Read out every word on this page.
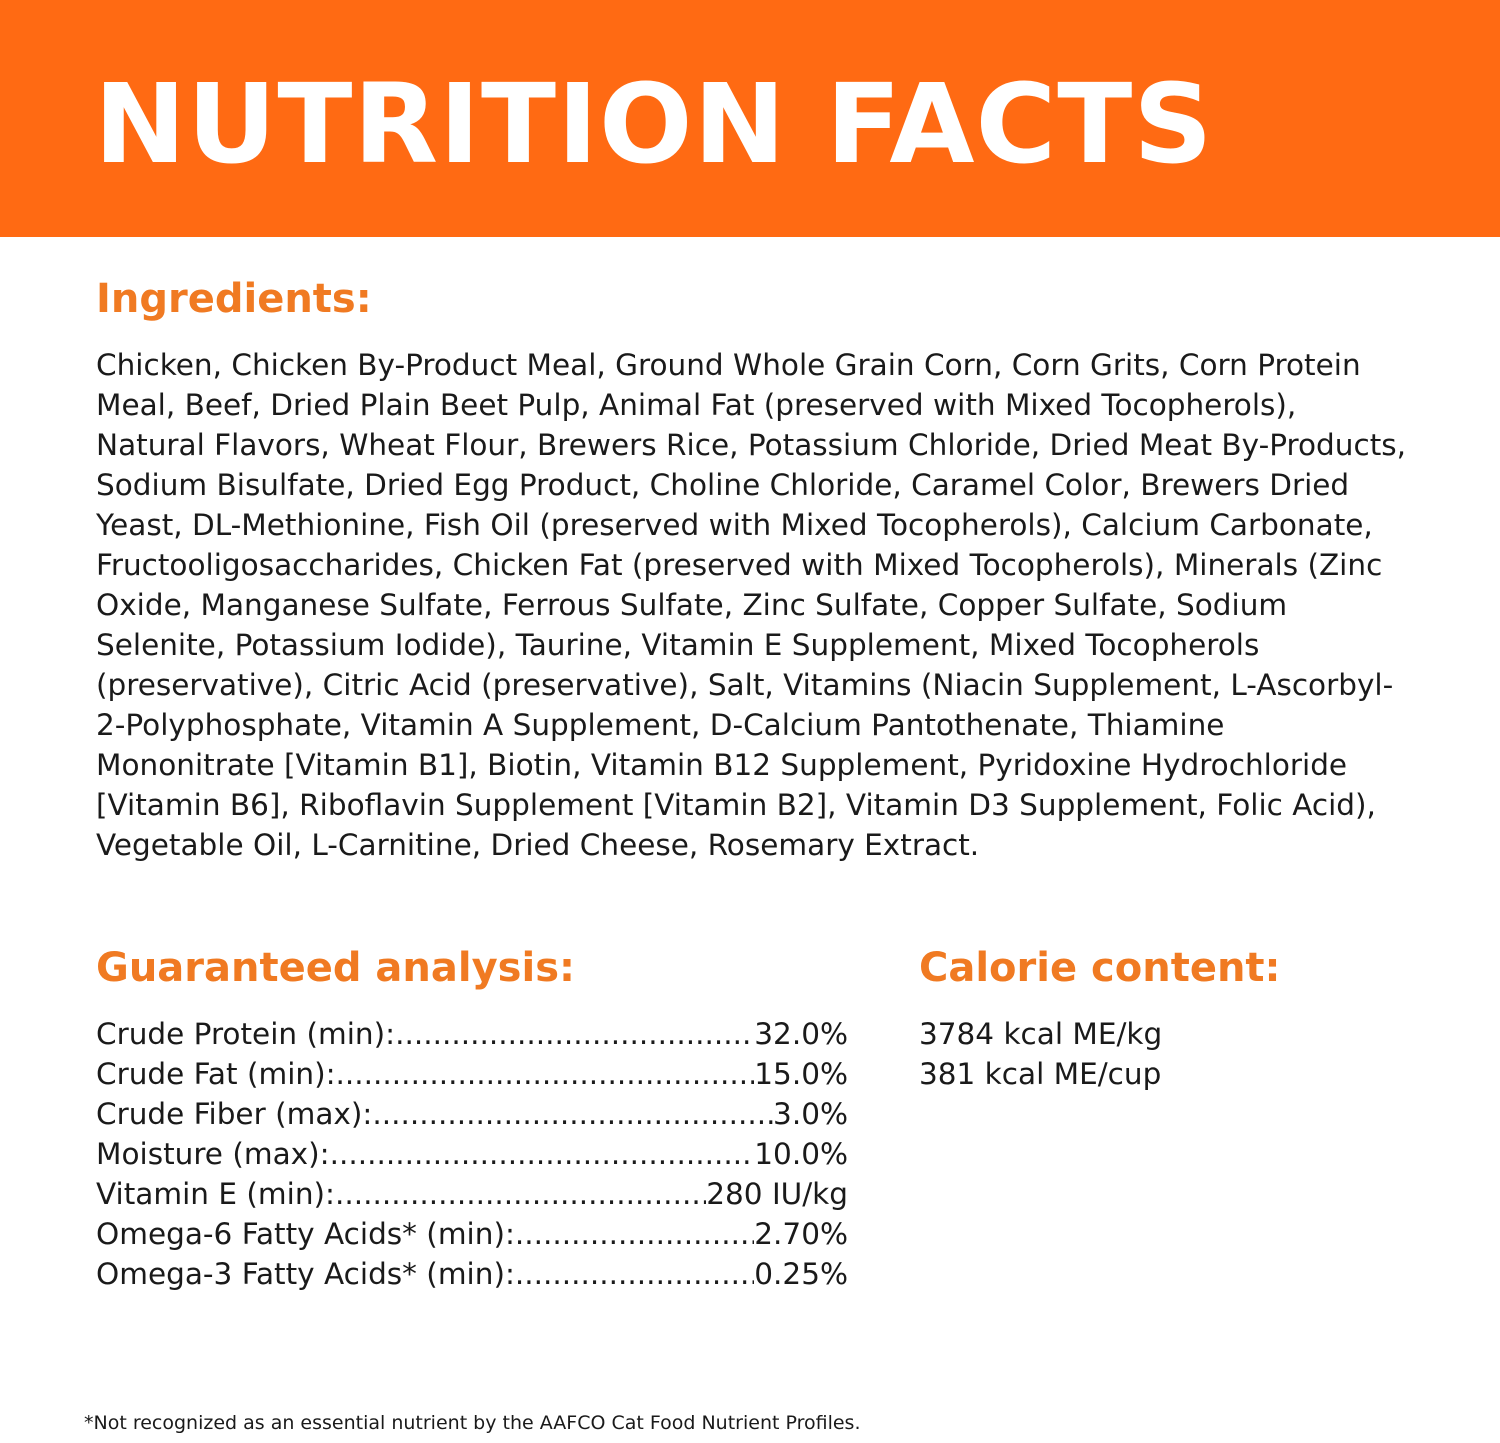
NUTRITION FACTS
Ingredients:

Chicken, Chicken By-Product Meal, Ground Whole Grain Corn, Corn Grits, Corn Protein Meal, Beef, Dried Plain Beet Pulp, Animal Fat (preserved with Mixed Tocopherols), Natural Flavors, Wheat Flour, Brewers Rice, Potassium Chloride, Dried Meat By-Products, Sodium Bisulfate, Dried Egg Product, Choline Chloride, Caramel Color, Brewers Dried Yeast, DL-Methionine, Fish Oil (preserved with Mixed Tocopherols), Calcium Carbonate, Fructooligosaccharides, Chicken Fat (preserved with Mixed Tocopherols), Minerals (Zinc Oxide, Manganese Sulfate, Ferrous Sulfate, Zinc Sulfate, Copper Sulfate, Sodium Selenite, Potassium Iodide), Taurine, Vitamin E Supplement, Mixed Tocopherols (preservative), Citric Acid (preservative), Salt, Vitamins (Niacin Supplement, L-Ascorbyl-2-Polyphosphate, Vitamin A Supplement, D-Calcium Pantothenate, Thiamine Mononitrate [Vitamin B1], Biotin, Vitamin B12 Supplement, Pyridoxine Hydrochloride [Vitamin B6], Riboflavin Supplement [Vitamin B2], Vitamin D3 Supplement, Folic Acid), Vegetable Oil, L-Carnitine, Dried Cheese, Rosemary Extract.

Guaranteed analysis:
Crude Protein (min): .....	32.0%
Crude Fat (min): .....	15.0%
Crude Fiber (max): .....	3.0%
Moisture (max): .....	10.0%
Vitamin E (min): .....	280 IU/kg
Omega-6 Fatty Acids* (min): .....	2.70%
Omega-3 Fatty Acids* (min): .....	0.25%
Calorie content:
3784 kcal ME/kg
381 kcal ME/cup

*Not recognized as an essential nutrient by the AAFCO Cat Food Nutrient Profiles.
